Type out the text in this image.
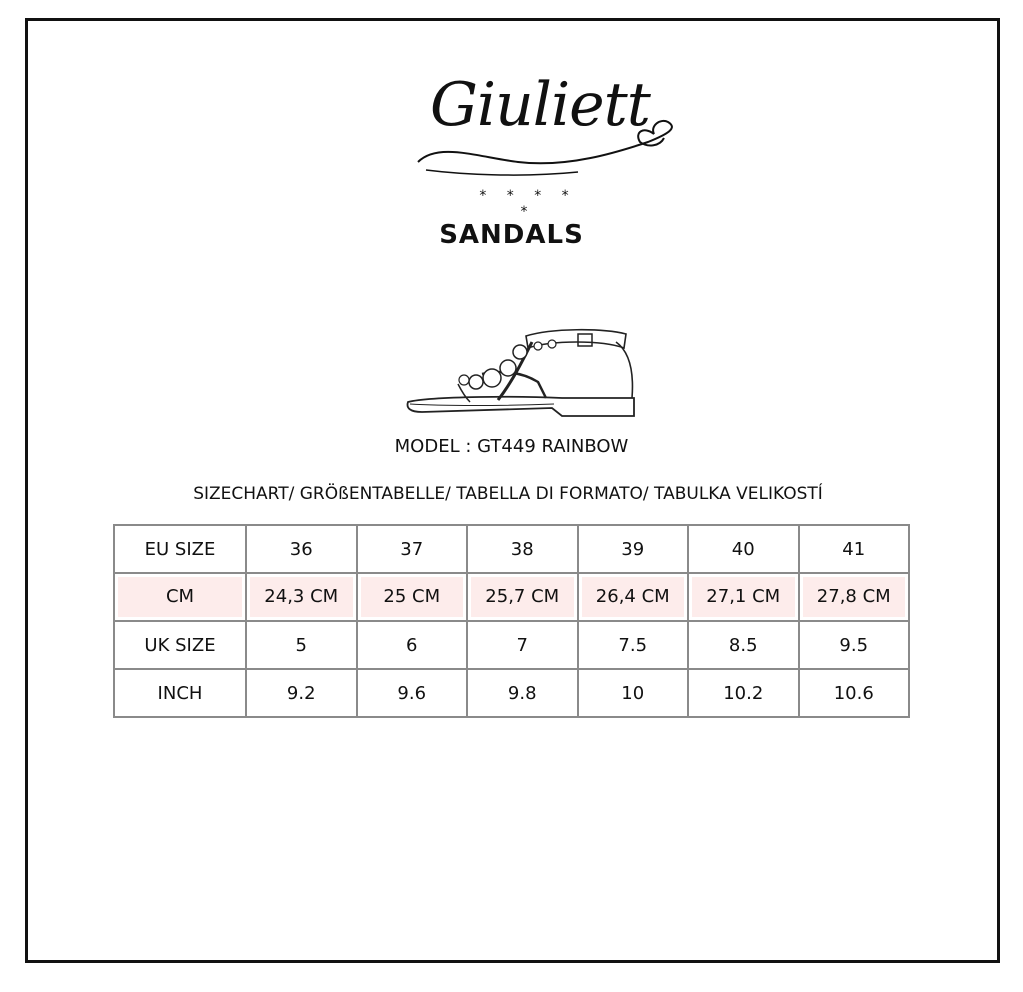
Giuliett
* * * * *
SANDALS
MODEL : GT449 RAINBOW
SIZECHART/ GRÖßENTABELLE/ TABELLA DI FORMATO/ TABULKA VELIKOSTÍ
EU SIZE	36	37	38	39	40	41

CM	24,3 CM	25 CM	25,7 CM	26,4 CM	27,1 CM	27,8 CM

UK SIZE	5	6	7	7.5	8.5	9.5
INCH	9.2	9.6	9.8	10	10.2	10.6
